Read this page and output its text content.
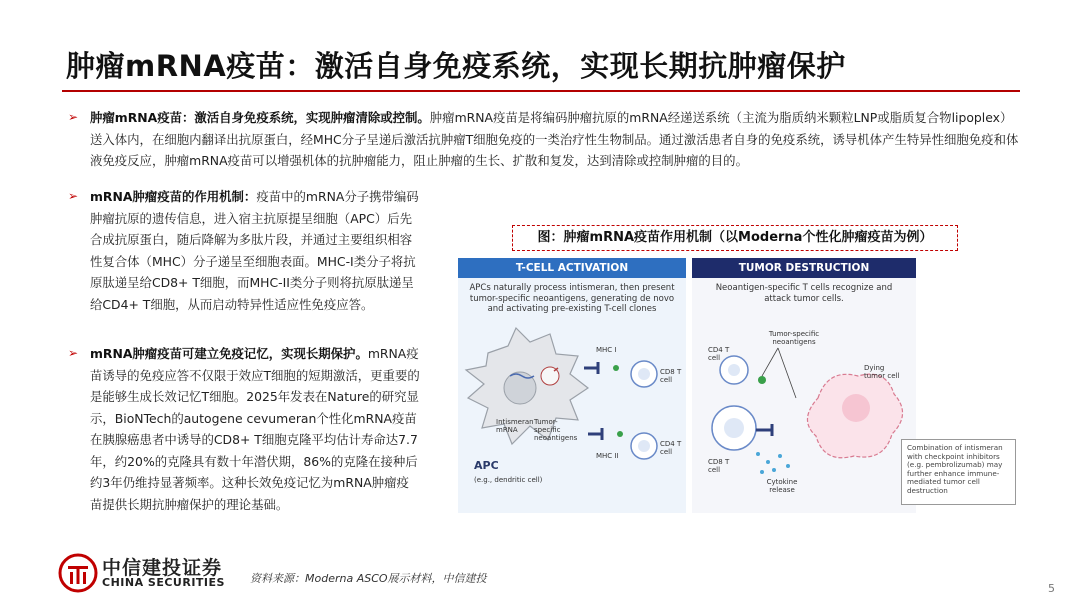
肿瘤mRNA疫苗：激活自身免疫系统，实现长期抗肿瘤保护
➢ 肿瘤mRNA疫苗：激活自身免疫系统，实现肿瘤清除或控制。肿瘤mRNA疫苗是将编码肿瘤抗原的mRNA经递送系统（主流为脂质纳米颗粒LNP或脂质复合物lipoplex）送入体内，在细胞内翻译出抗原蛋白，经MHC分子呈递后激活抗肿瘤T细胞免疫的一类治疗性生物制品。通过激活患者自身的免疫系统，诱导机体产生特异性细胞免疫和体液免疫反应，肿瘤mRNA疫苗可以增强机体的抗肿瘤能力，阻止肿瘤的生长、扩散和复发，达到清除或控制肿瘤的目的。
➢ mRNA肿瘤疫苗的作用机制：疫苗中的mRNA分子携带编码肿瘤抗原的遗传信息，进入宿主抗原提呈细胞（APC）后先合成抗原蛋白，随后降解为多肽片段，并通过主要组织相容性复合体（MHC）分子递呈至细胞表面。MHC-I类分子将抗原肽递呈给CD8+ T细胞，而MHC-II类分子则将抗原肽递呈给CD4+ T细胞，从而启动特异性适应性免疫应答。
➢ mRNA肿瘤疫苗可建立免疫记忆，实现长期保护。mRNA疫苗诱导的免疫应答不仅限于效应T细胞的短期激活，更重要的是能够生成长效记忆T细胞。2025年发表在Nature的研究显示，BioNTech的autogene cevumeran个性化mRNA疫苗在胰腺癌患者中诱导的CD8+ T细胞克隆平均估计寿命达7.7年，约20%的克隆具有数十年潜伏期，86%的克隆在接种后约3年仍维持显著频率。这种长效免疫记忆为mRNA肿瘤疫苗提供长期抗肿瘤保护的理论基础。
图：肿瘤mRNA疫苗作用机制（以Moderna个性化肿瘤疫苗为例）
T-CELL ACTIVATION	TUMOR DESTRUCTION
APCs naturally process intismeran, then present tumor-specific neoantigens, generating de novo and activating pre-existing T-cell clones
Neoantigen-specific T cells recognize and attack tumor cells.
APC
(e.g., dendritic cell)
Intismeran mRNA
Tumor-specific neoantigens
MHC I
MHC II
CD8 T cell
CD4 T cell
CD4 T cell
CD8 T cell
Tumor-specific neoantigens
Dying tumor cell
Cytokine release
Combination of intismeran with checkpoint inhibitors (e.g. pembrolizumab) may further enhance immune-mediated tumor cell destruction
中信建投证券
CHINA SECURITIES 资料来源：Moderna ASCO展示材料，中信建投
5
